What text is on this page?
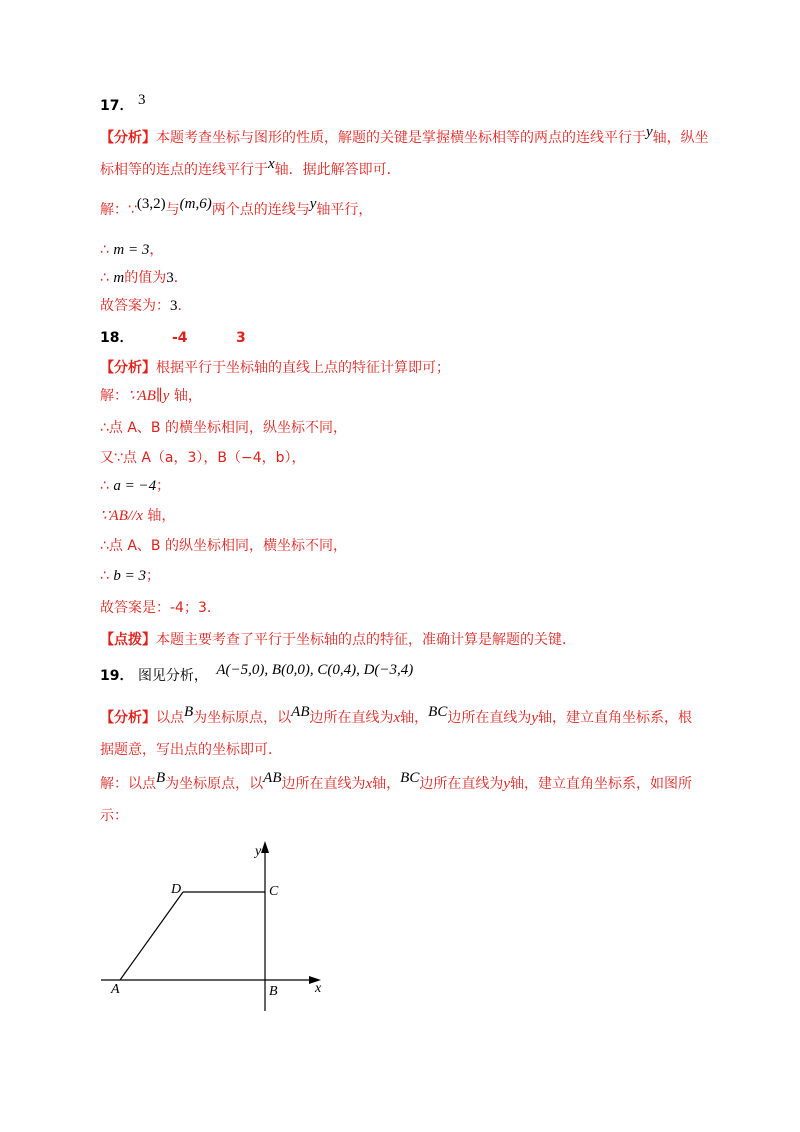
17． 3
【分析】本题考查坐标与图形的性质，解题的关键是掌握横坐标相等的两点的连线平行于y轴，纵坐
标相等的连点的连线平行于x轴．据此解答即可．
解：∵(3,2)与(m,6)两个点的连线与y轴平行，
∴ m = 3，
∴ m的值为3．
故答案为：3．
18．	-4	3
【分析】根据平行于坐标轴的直线上点的特征计算即可；
解：∵AB∥y 轴，
∴点 A、B 的横坐标相同，纵坐标不同，
又∵点 A（a，3），B（−4，b），
∴ a = −4；
∵AB//x 轴，
∴点 A、B 的纵坐标相同，横坐标不同，
∴ b = 3；
故答案是：-4；3.
【点拨】本题主要考查了平行于坐标轴的点的特征，准确计算是解题的关键．
19． 图见分析， A(−5,0), B(0,0), C(0,4), D(−3,4)
【分析】以点B为坐标原点，以AB边所在直线为x轴，BC边所在直线为y轴，建立直角坐标系，根
据题意，写出点的坐标即可．
解：以点B为坐标原点，以AB边所在直线为x轴，BC边所在直线为y轴，建立直角坐标系，如图所
示：
y
x
A	B
C
D
